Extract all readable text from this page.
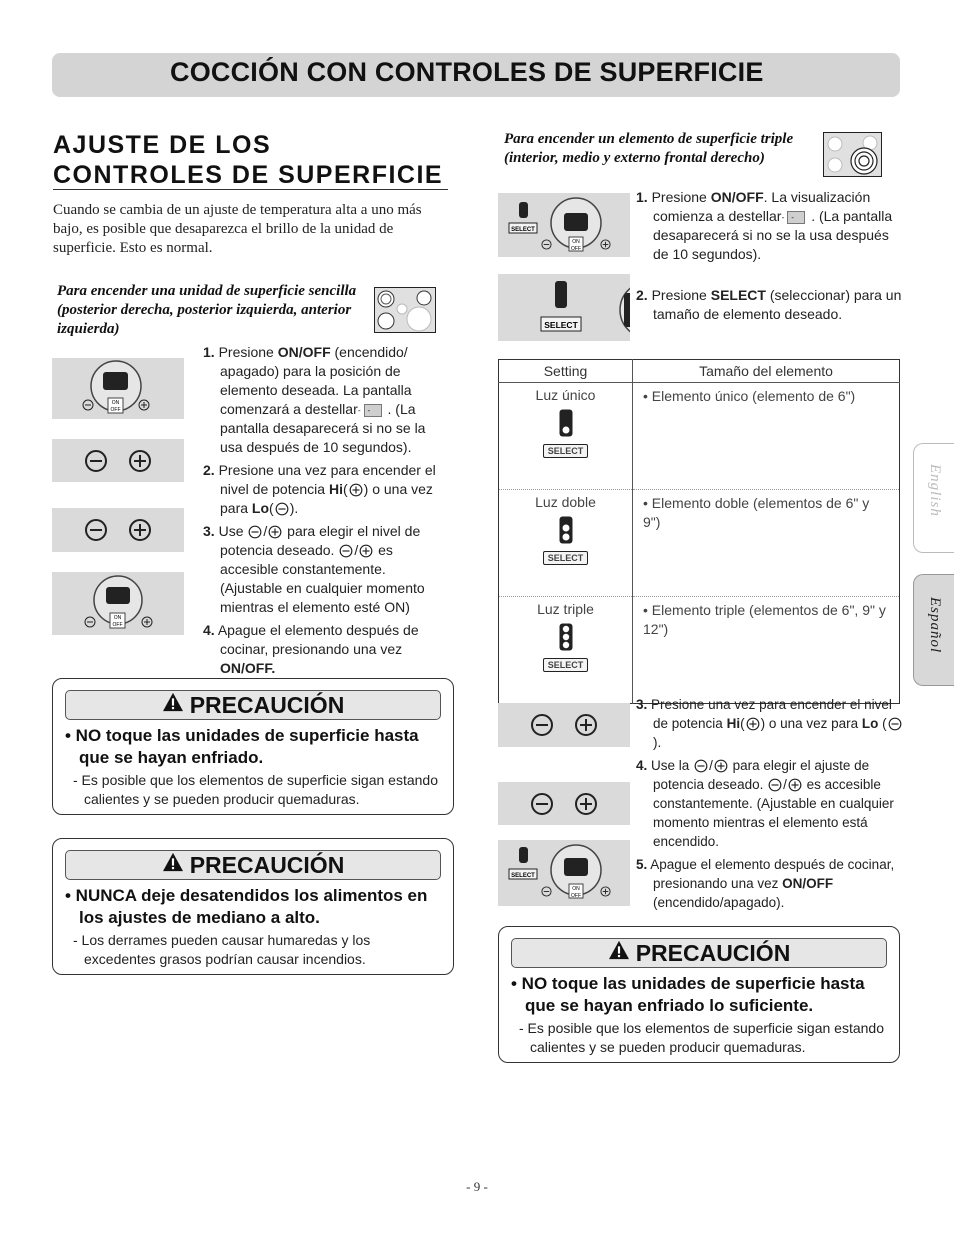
COCCIÓN CON CONTROLES DE SUPERFICIE
AJUSTE DE LOS CONTROLES DE SUPERFICIE
Cuando se cambia de un ajuste de temperatura alta a uno más bajo, es posible que desaparezca el brillo de la unidad de superficie. Esto es normal.
Para encender una unidad de superficie sencilla (posterior derecha, posterior izquierda, anterior izquierda)
ON
OFF
ON
OFF

1. Presione ON/OFF (encendido/ apagado) para la posición de elemento deseada. La pantalla comenzará a destellar - - . (La pantalla desaparecerá si no se la usa después de 10 segundos).

2. Presione una vez para encender el nivel de potencia Hi( ) o una vez para Lo( ).

3. Use / para elegir el nivel de potencia deseado. / es accesible constantemente. (Ajustable en cualquier momento mientras el elemento esté ON)

4. Apague el elemento después de cocinar, presionando una vez ON/OFF.

PRECAUCIÓN
• NO toque las unidades de superficie hasta que se hayan enfriado.
- Es posible que los elementos de superficie sigan estando calientes y se pueden producir quemaduras.
PRECAUCIÓN
• NUNCA deje desatendidos los alimentos en los ajustes de mediano a alto.
- Los derrames pueden causar humaredas y los excedentes grasos podrían causar incendios.
Para encender un elemento de superficie triple (interior, medio y externo frontal derecho)
ON
OFF
SELECT
SELECT

1. Presione ON/OFF. La visualización comienza a destellar - - . (La pantalla desaparecerá si no se la usa después de 10 segundos).

2. Presione SELECT (seleccionar) para un tamaño de elemento deseado.

Setting	Tamaño del elemento

Luz único
SELECT	• Elemento único (elemento de 6")

Luz doble
SELECT	• Elemento doble (elementos de 6" y 9")

Luz triple
SELECT	• Elemento triple (elementos de 6", 9" y 12")
ON
OFF
SELECT

3. Presione una vez para encender el nivel de potencia Hi( ) o una vez para Lo ().

4. Use la / para elegir el ajuste de potencia deseado. / es accesible constantemente. (Ajustable en cualquier momento mientras el elemento está encendido.

5. Apague el elemento después de cocinar, presionando una vez ON/OFF (encendido/apagado).

PRECAUCIÓN
• NO toque las unidades de superficie hasta que se hayan enfriado lo suficiente.
- Es posible que los elementos de superficie sigan estando calientes y se pueden producir quemaduras.
English
Español
- 9 -
